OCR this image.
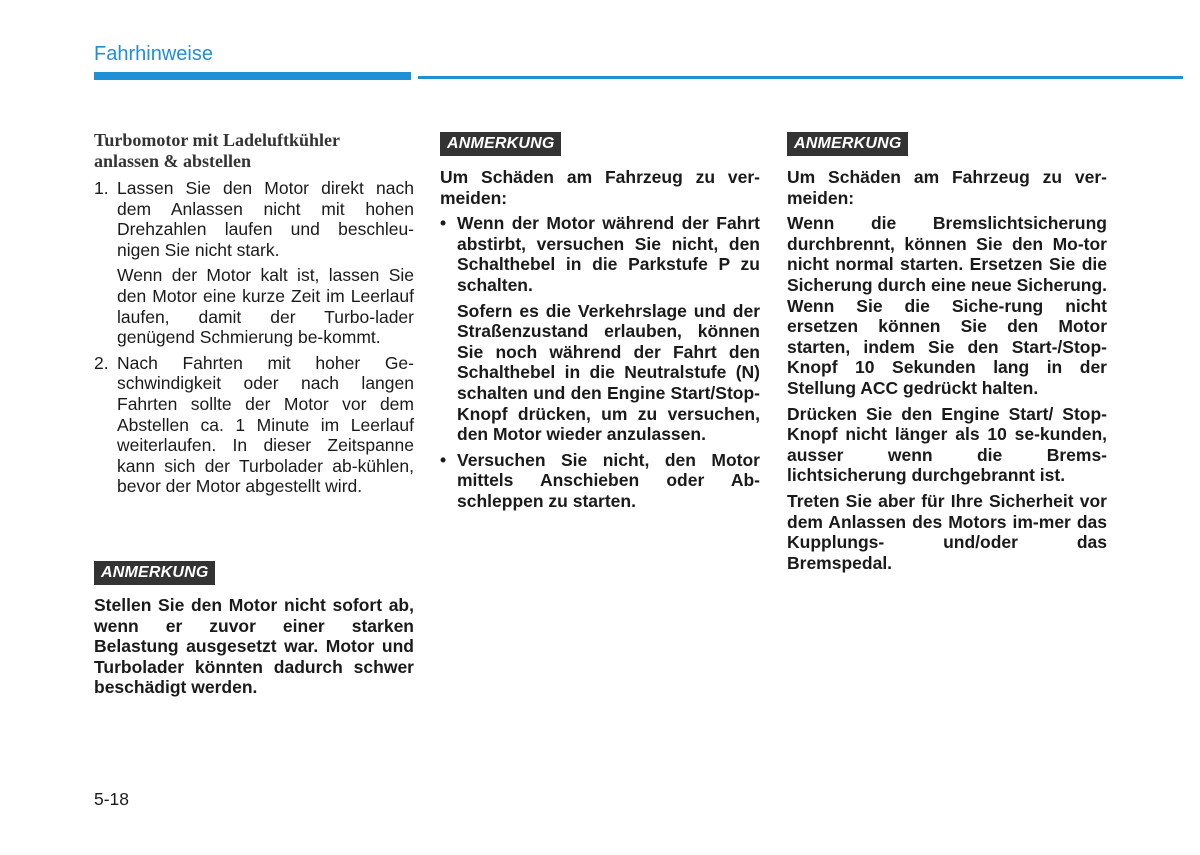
Fahrhinweise
Turbomotor mit Ladeluftkühler
anlassen & abstellen
1. Lassen Sie den Motor direkt nach dem Anlassen nicht mit hohen Drehzahlen laufen und beschleu-nigen Sie nicht stark.

Wenn der Motor kalt ist, lassen Sie den Motor eine kurze Zeit im Leerlauf laufen, damit der Turbo-lader genügend Schmierung be-kommt.

2. Nach Fahrten mit hoher Ge-schwindigkeit oder nach langen Fahrten sollte der Motor vor dem Abstellen ca. 1 Minute im Leerlauf weiterlaufen. In dieser Zeitspanne kann sich der Turbolader ab-kühlen, bevor der Motor abgestellt wird.

ANMERKUNG

Stellen Sie den Motor nicht sofort ab, wenn er zuvor einer starken Belastung ausgesetzt war. Motor und Turbolader könnten dadurch schwer beschädigt werden.

ANMERKUNG

Um Schäden am Fahrzeug zu ver-meiden:

• Wenn der Motor während der Fahrt abstirbt, versuchen Sie nicht, den Schalthebel in die Parkstufe P zu schalten.

Sofern es die Verkehrslage und der Straßenzustand erlauben, können Sie noch während der Fahrt den Schalthebel in die Neutralstufe (N) schalten und den Engine Start/Stop-Knopf drücken, um zu versuchen, den Motor wieder anzulassen.

• Versuchen Sie nicht, den Motor mittels Anschieben oder Ab-schleppen zu starten.

ANMERKUNG

Um Schäden am Fahrzeug zu ver-meiden:

Wenn die Bremslichtsicherung durchbrennt, können Sie den Mo-tor nicht normal starten. Ersetzen Sie die Sicherung durch eine neue Sicherung. Wenn Sie die Siche-rung nicht ersetzen können Sie den Motor starten, indem Sie den Start-/Stop-Knopf 10 Sekunden lang in der Stellung ACC gedrückt halten.

Drücken Sie den Engine Start/ Stop-Knopf nicht länger als 10 se-kunden, ausser wenn die Brems-lichtsicherung durchgebrannt ist.

Treten Sie aber für Ihre Sicherheit vor dem Anlassen des Motors im-mer das Kupplungs- und/oder das Bremspedal.

5-18
